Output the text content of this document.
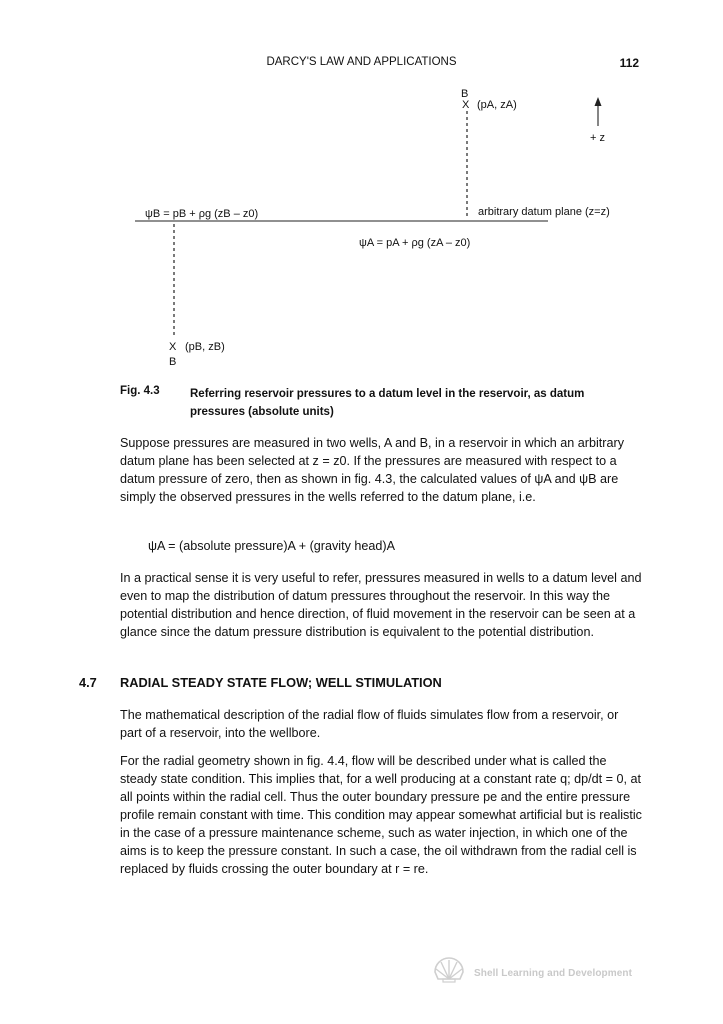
DARCY'S LAW AND APPLICATIONS	112
B
X (pA, zA)
+ z
arbitrary datum plane (z=z)
ψB = pB + ρg (zB – z0)
ψA = pA + ρg (zA – z0)
X (pB, zB)
B
Fig. 4.3	Referring reservoir pressures to a datum level in the reservoir, as datum pressures (absolute units)

Suppose pressures are measured in two wells, A and B, in a reservoir in which an arbitrary datum plane has been selected at z = z0. If the pressures are measured with respect to a datum pressure of zero, then as shown in fig. 4.3, the calculated values of ψA and ψB are simply the observed pressures in the wells referred to the datum plane, i.e.

ψA = (absolute pressure)A + (gravity head)A

In a practical sense it is very useful to refer, pressures measured in wells to a datum level and even to map the distribution of datum pressures throughout the reservoir. In this way the potential distribution and hence direction, of fluid movement in the reservoir can be seen at a glance since the datum pressure distribution is equivalent to the potential distribution.

4.7 RADIAL STEADY STATE FLOW; WELL STIMULATION

The mathematical description of the radial flow of fluids simulates flow from a reservoir, or part of a reservoir, into the wellbore.

For the radial geometry shown in fig. 4.4, flow will be described under what is called the steady state condition. This implies that, for a well producing at a constant rate q; dp/dt = 0, at all points within the radial cell. Thus the outer boundary pressure pe and the entire pressure profile remain constant with time. This condition may appear somewhat artificial but is realistic in the case of a pressure maintenance scheme, such as water injection, in which one of the aims is to keep the pressure constant. In such a case, the oil withdrawn from the radial cell is replaced by fluids crossing the outer boundary at r = re.

Shell Learning and Development
